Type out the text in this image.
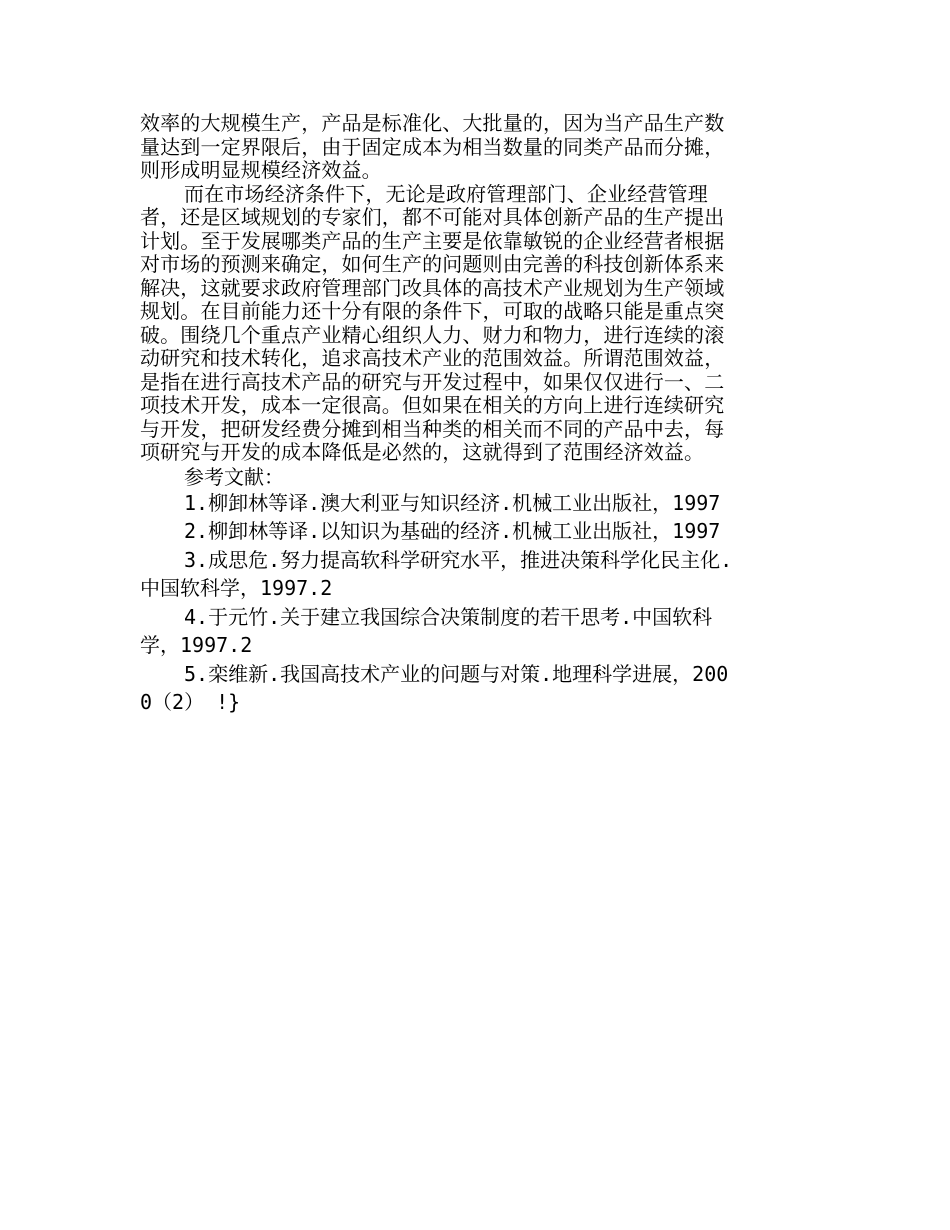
效率的大规模生产，产品是标准化、大批量的，因为当产品生产数量达到一定界限后，由于固定成本为相当数量的同类产品而分摊，则形成明显规模经济效益。

而在市场经济条件下，无论是政府管理部门、企业经营管理者，还是区域规划的专家们，都不可能对具体创新产品的生产提出计划。至于发展哪类产品的生产主要是依靠敏锐的企业经营者根据对市场的预测来确定，如何生产的问题则由完善的科技创新体系来解决，这就要求政府管理部门改具体的高技术产业规划为生产领域规划。在目前能力还十分有限的条件下，可取的战略只能是重点突破。围绕几个重点产业精心组织人力、财力和物力，进行连续的滚动研究和技术转化，追求高技术产业的范围效益。所谓范围效益，是指在进行高技术产品的研究与开发过程中，如果仅仅进行一、二项技术开发，成本一定很高。但如果在相关的方向上进行连续研究与开发，把研发经费分摊到相当种类的相关而不同的产品中去，每项研究与开发的成本降低是必然的，这就得到了范围经济效益。

参考文献：

1.柳卸林等译.澳大利亚与知识经济.机械工业出版社，1997

2.柳卸林等译.以知识为基础的经济.机械工业出版社，1997

3.成思危.努力提高软科学研究水平，推进决策科学化民主化.中国软科学，1997.2

4.于元竹.关于建立我国综合决策制度的若干思考.中国软科学，1997.2

5.栾维新.我国高技术产业的问题与对策.地理科学进展，2000（2） !}
